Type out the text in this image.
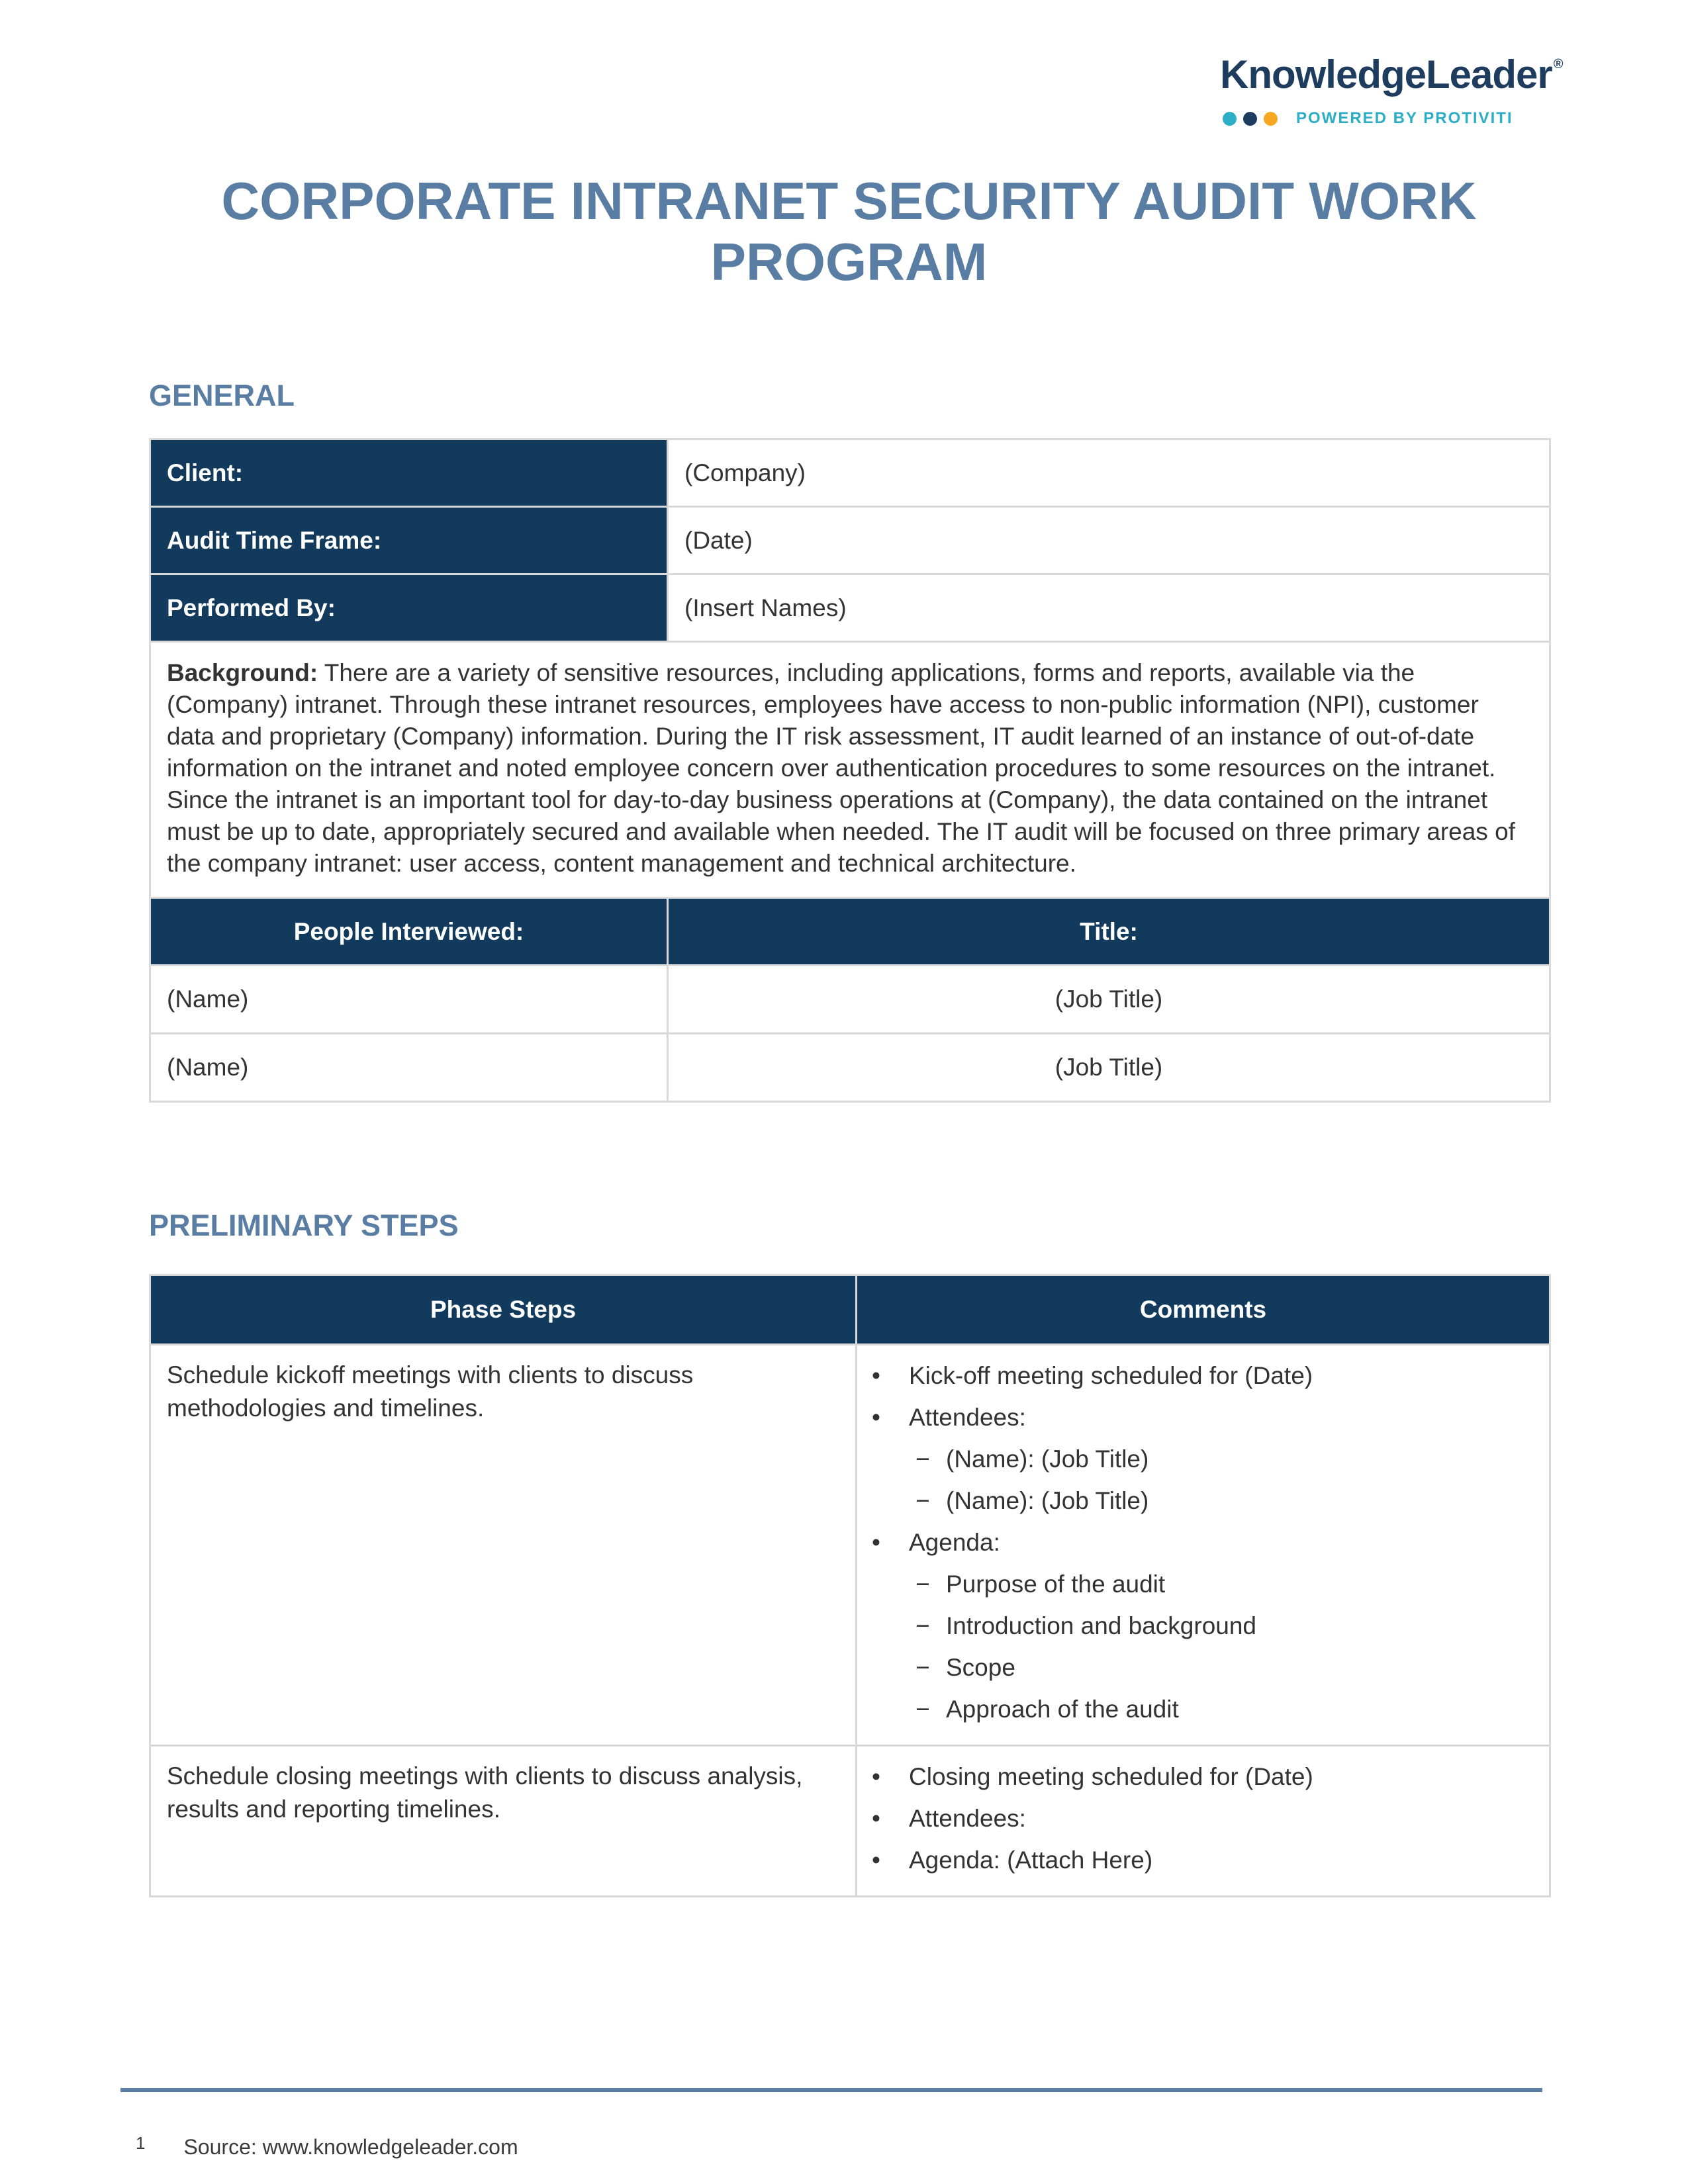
KnowledgeLeader ®
POWERED BY PROTIVITI
CORPORATE INTRANET SECURITY AUDIT WORK PROGRAM
GENERAL
Client:	(Company)
Audit Time Frame:	(Date)
Performed By:	(Insert Names)
Background: There are a variety of sensitive resources, including applications, forms and reports, available via the (Company) intranet. Through these intranet resources, employees have access to non-public information (NPI), customer data and proprietary (Company) information. During the IT risk assessment, IT audit learned of an instance of out-of-date information on the intranet and noted employee concern over authentication procedures to some resources on the intranet. Since the intranet is an important tool for day-to-day business operations at (Company), the data contained on the intranet must be up to date, appropriately secured and available when needed. The IT audit will be focused on three primary areas of the company intranet: user access, content management and technical architecture.	
People Interviewed:	Title:
(Name)	(Job Title)
(Name)	(Job Title)
PRELIMINARY STEPS
Phase Steps	Comments
Schedule kickoff meetings with clients to discuss methodologies and timelines.	
•	Kick-off meeting scheduled for (Date)
•	Attendees:
− (Name): (Job Title)
− (Name): (Job Title)
•	Agenda:
− Purpose of the audit
− Introduction and background
− Scope
− Approach of the audit

Schedule closing meetings with clients to discuss analysis, results and reporting timelines.	
•	Closing meeting scheduled for (Date)
•	Attendees:
•	Agenda: (Attach Here)
$^1$ Source: www.knowledgeleader.com
